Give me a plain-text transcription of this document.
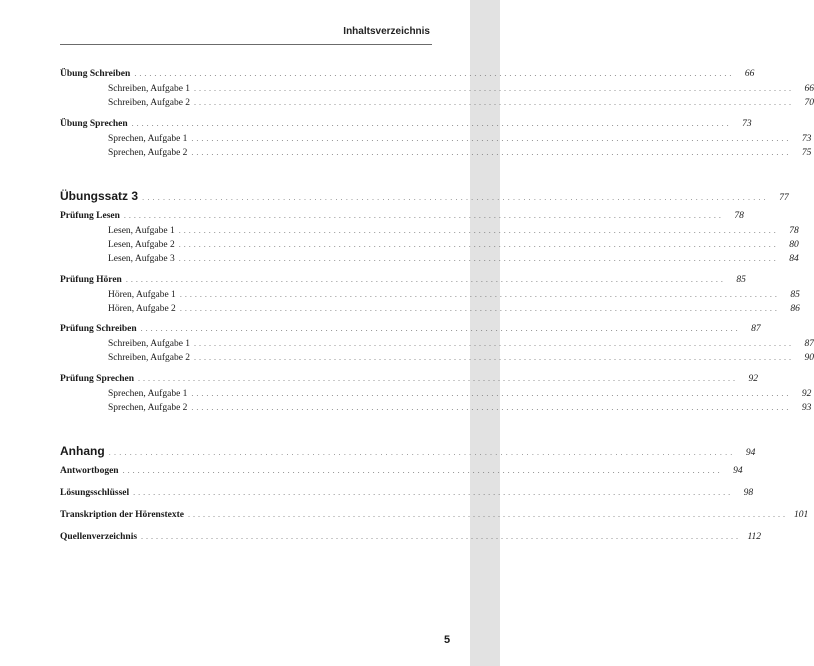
Inhaltsverzeichnis
Übung Schreiben ........................................................................................................................	66
Schreiben, Aufgabe 1 ........................................................................................................................	66
Schreiben, Aufgabe 2 ........................................................................................................................	70
Übung Sprechen ........................................................................................................................	73
Sprechen, Aufgabe 1 ........................................................................................................................	73
Sprechen, Aufgabe 2 ........................................................................................................................	75
Übungssatz 3 ........................................................................................................................	77
Prüfung Lesen ........................................................................................................................	78
Lesen, Aufgabe 1 ........................................................................................................................	78
Lesen, Aufgabe 2 ........................................................................................................................	80
Lesen, Aufgabe 3 ........................................................................................................................	84
Prüfung Hören ........................................................................................................................	85
Hören, Aufgabe 1 ........................................................................................................................	85
Hören, Aufgabe 2 ........................................................................................................................	86
Prüfung Schreiben ........................................................................................................................	87
Schreiben, Aufgabe 1 ........................................................................................................................	87
Schreiben, Aufgabe 2 ........................................................................................................................	90
Prüfung Sprechen ........................................................................................................................	92
Sprechen, Aufgabe 1 ........................................................................................................................	92
Sprechen, Aufgabe 2 ........................................................................................................................	93
Anhang ........................................................................................................................	94
Antwortbogen ........................................................................................................................	94
Lösungsschlüssel ........................................................................................................................	98
Transkription der Hörenstexte ........................................................................................................................ 101
Quellenverzeichnis ........................................................................................................................ 112
5
